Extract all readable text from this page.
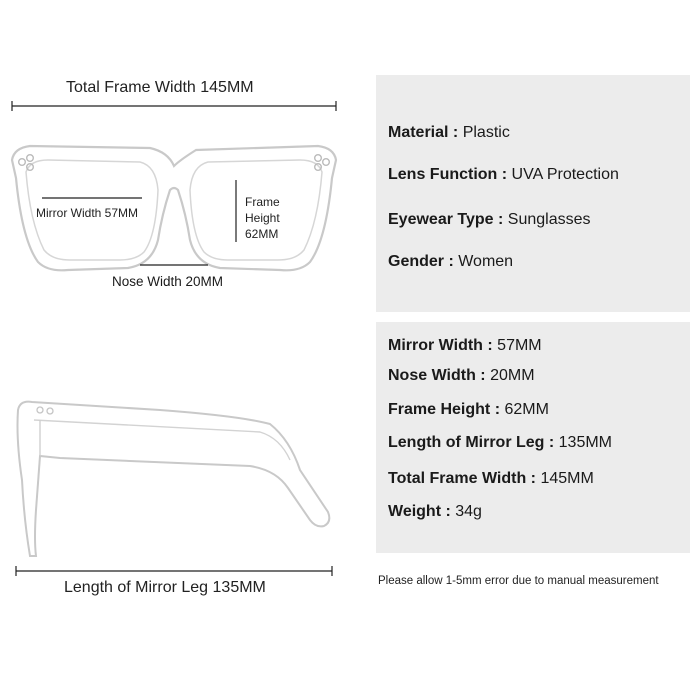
Total Frame Width 145MM
Mirror Width 57MM
Frame
Height
62MM
Nose Width 20MM
Length of Mirror Leg 135MM
Material : Plastic
Lens Function : UVA Protection
Eyewear Type : Sunglasses
Gender : Women
Mirror Width : 57MM
Nose Width : 20MM
Frame Height : 62MM
Length of Mirror Leg : 135MM
Total Frame Width : 145MM
Weight : 34g
Please allow 1-5mm error due to manual measurement
